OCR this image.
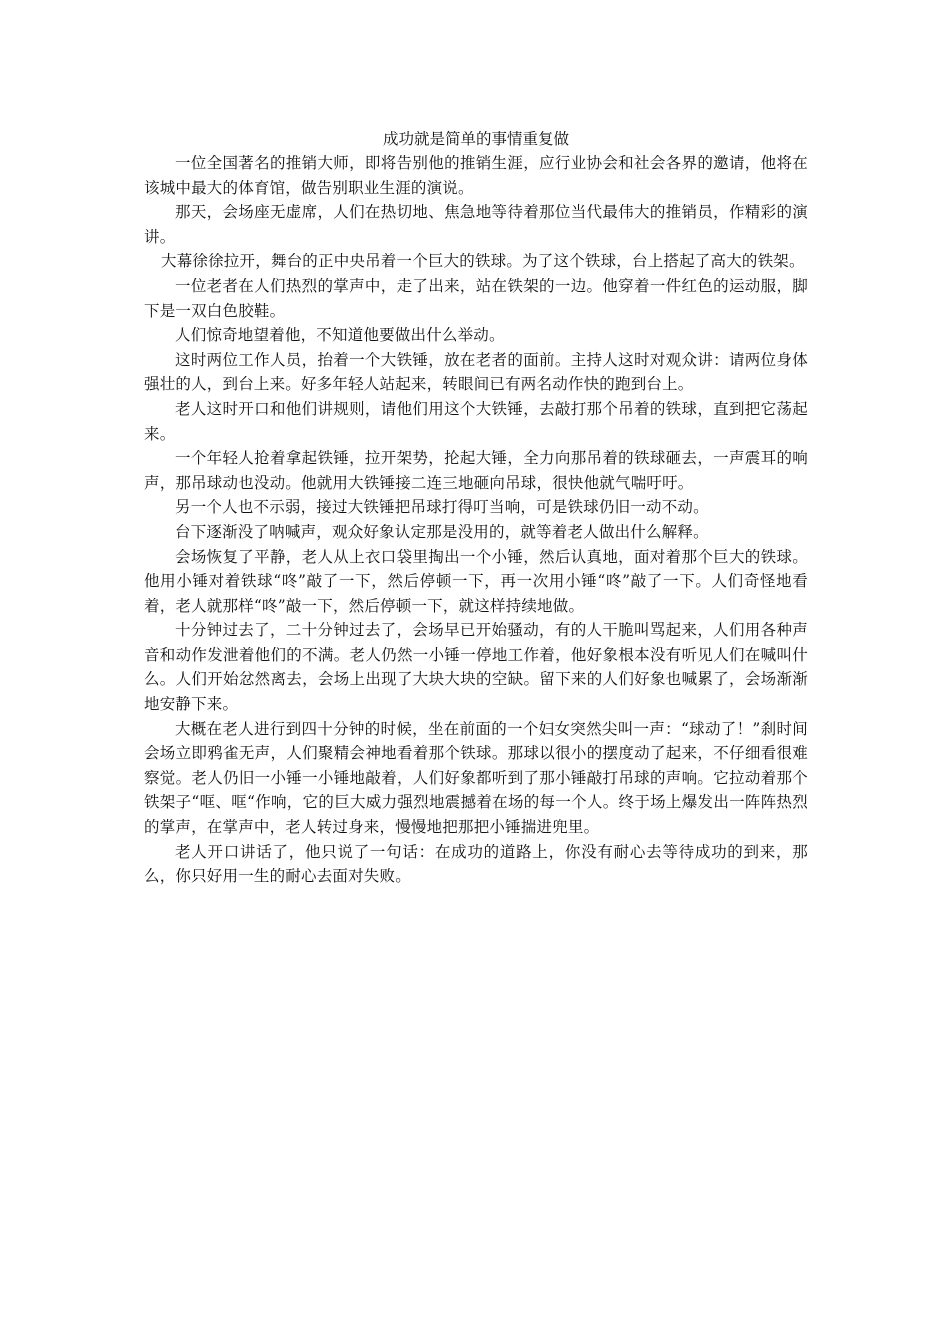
成功就是简单的事情重复做

一位全国著名的推销大师，即将告别他的推销生涯，应行业协会和社会各界的邀请，他将在该城中最大的体育馆，做告别职业生涯的演说。

那天，会场座无虚席，人们在热切地、焦急地等待着那位当代最伟大的推销员，作精彩的演讲。

大幕徐徐拉开，舞台的正中央吊着一个巨大的铁球。为了这个铁球，台上搭起了高大的铁架。

一位老者在人们热烈的掌声中，走了出来，站在铁架的一边。他穿着一件红色的运动服，脚下是一双白色胶鞋。

人们惊奇地望着他，不知道他要做出什么举动。

这时两位工作人员，抬着一个大铁锤，放在老者的面前。主持人这时对观众讲：请两位身体强壮的人，到台上来。好多年轻人站起来，转眼间已有两名动作快的跑到台上。

老人这时开口和他们讲规则，请他们用这个大铁锤，去敲打那个吊着的铁球，直到把它荡起来。

一个年轻人抢着拿起铁锤，拉开架势，抡起大锤，全力向那吊着的铁球砸去，一声震耳的响声，那吊球动也没动。他就用大铁锤接二连三地砸向吊球，很快他就气喘吁吁。

另一个人也不示弱，接过大铁锤把吊球打得叮当响，可是铁球仍旧一动不动。

台下逐渐没了呐喊声，观众好象认定那是没用的，就等着老人做出什么解释。

会场恢复了平静，老人从上衣口袋里掏出一个小锤，然后认真地，面对着那个巨大的铁球。他用小锤对着铁球“咚”敲了一下，然后停顿一下，再一次用小锤“咚”敲了一下。人们奇怪地看着，老人就那样“咚”敲一下，然后停顿一下，就这样持续地做。

十分钟过去了，二十分钟过去了，会场早已开始骚动，有的人干脆叫骂起来，人们用各种声音和动作发泄着他们的不满。老人仍然一小锤一停地工作着，他好象根本没有听见人们在喊叫什么。人们开始忿然离去，会场上出现了大块大块的空缺。留下来的人们好象也喊累了，会场渐渐地安静下来。

大概在老人进行到四十分钟的时候，坐在前面的一个妇女突然尖叫一声：“球动了！”刹时间会场立即鸦雀无声，人们聚精会神地看着那个铁球。那球以很小的摆度动了起来，不仔细看很难察觉。老人仍旧一小锤一小锤地敲着，人们好象都听到了那小锤敲打吊球的声响。它拉动着那个铁架子“哐、哐“作响，它的巨大威力强烈地震撼着在场的每一个人。终于场上爆发出一阵阵热烈的掌声，在掌声中，老人转过身来，慢慢地把那把小锤揣进兜里。

老人开口讲话了，他只说了一句话：在成功的道路上，你没有耐心去等待成功的到来，那么，你只好用一生的耐心去面对失败。
